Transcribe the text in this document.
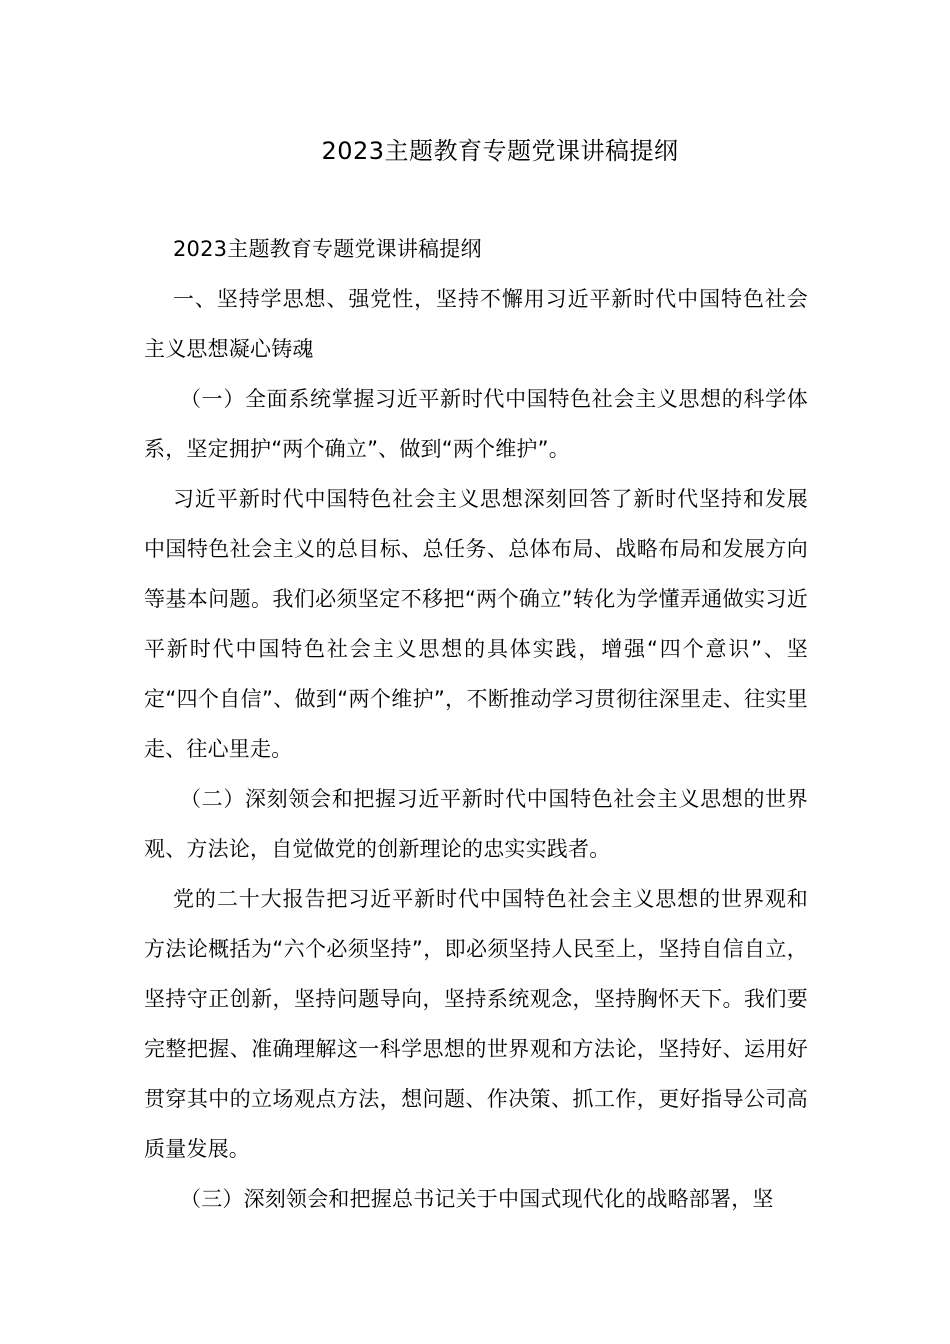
2023主题教育专题党课讲稿提纲

2023主题教育专题党课讲稿提纲

一、坚持学思想、强党性，坚持不懈用习近平新时代中国特色社会主义思想凝心铸魂

（一）全面系统掌握习近平新时代中国特色社会主义思想的科学体系，坚定拥护“两个确立”、做到“两个维护”。

习近平新时代中国特色社会主义思想深刻回答了新时代坚持和发展中国特色社会主义的总目标、总任务、总体布局、战略布局和发展方向等基本问题。我们必须坚定不移把“两个确立”转化为学懂弄通做实习近平新时代中国特色社会主义思想的具体实践，增强“四个意识”、坚定“四个自信”、做到“两个维护”，不断推动学习贯彻往深里走、往实里走、往心里走。

（二）深刻领会和把握习近平新时代中国特色社会主义思想的世界观、方法论，自觉做党的创新理论的忠实实践者。

党的二十大报告把习近平新时代中国特色社会主义思想的世界观和方法论概括为“六个必须坚持”，即必须坚持人民至上，坚持自信自立，坚持守正创新，坚持问题导向，坚持系统观念，坚持胸怀天下。我们要完整把握、准确理解这一科学思想的世界观和方法论，坚持好、运用好贯穿其中的立场观点方法，想问题、作决策、抓工作，更好指导公司高质量发展。

（三）深刻领会和把握总书记关于中国式现代化的战略部署，坚
